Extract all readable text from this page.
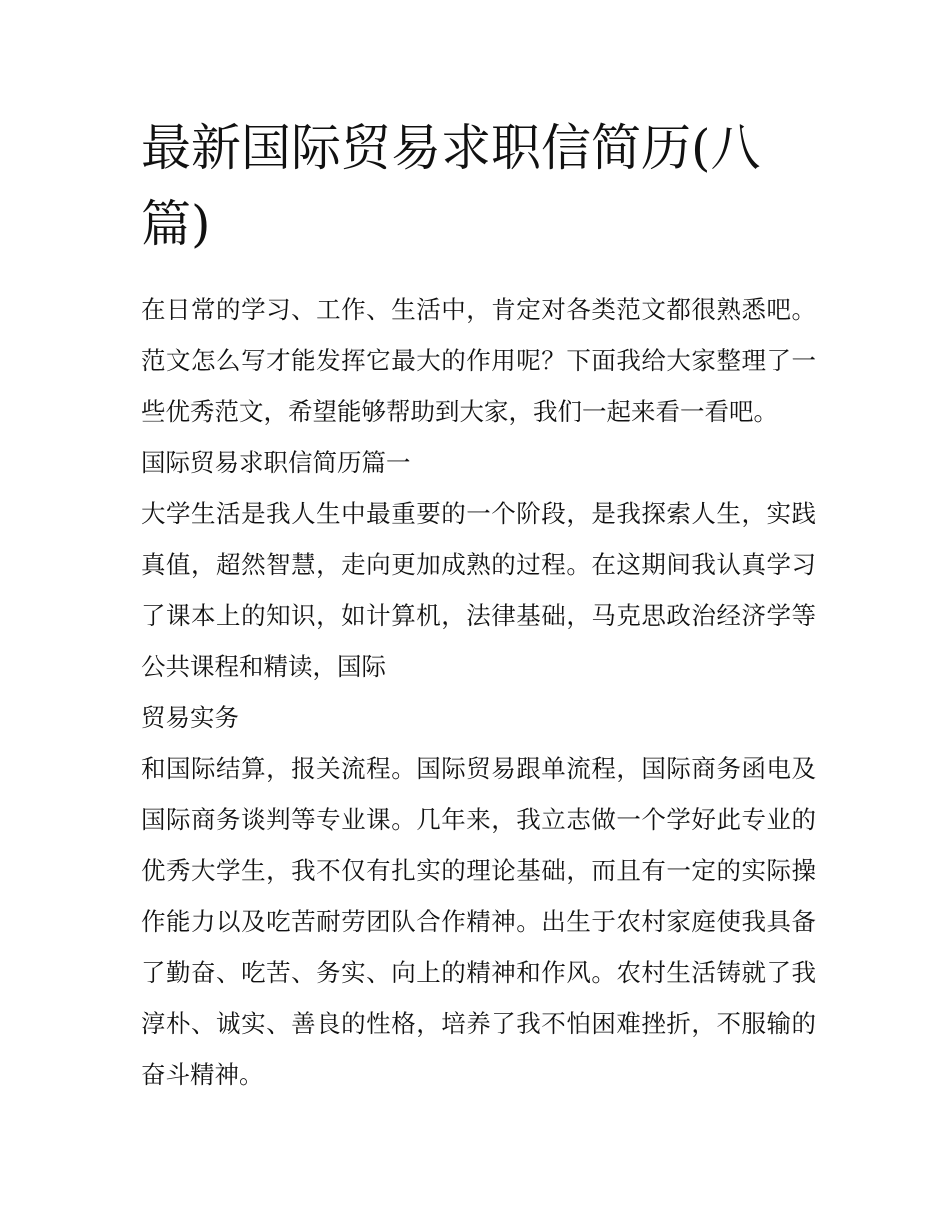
最新国际贸易求职信简历(八篇)

在日常的学习、工作、生活中，肯定对各类范文都很熟悉吧。范文怎么写才能发挥它最大的作用呢？下面我给大家整理了一些优秀范文，希望能够帮助到大家，我们一起来看一看吧。

国际贸易求职信简历篇一

大学生活是我人生中最重要的一个阶段，是我探索人生，实践真值，超然智慧，走向更加成熟的过程。在这期间我认真学习了课本上的知识，如计算机，法律基础，马克思政治经济学等公共课程和精读，国际

贸易实务

和国际结算，报关流程。国际贸易跟单流程，国际商务函电及国际商务谈判等专业课。几年来，我立志做一个学好此专业的优秀大学生，我不仅有扎实的理论基础，而且有一定的实际操作能力以及吃苦耐劳团队合作精神。出生于农村家庭使我具备了勤奋、吃苦、务实、向上的精神和作风。农村生活铸就了我淳朴、诚实、善良的性格，培养了我不怕困难挫折，不服输的奋斗精神。
